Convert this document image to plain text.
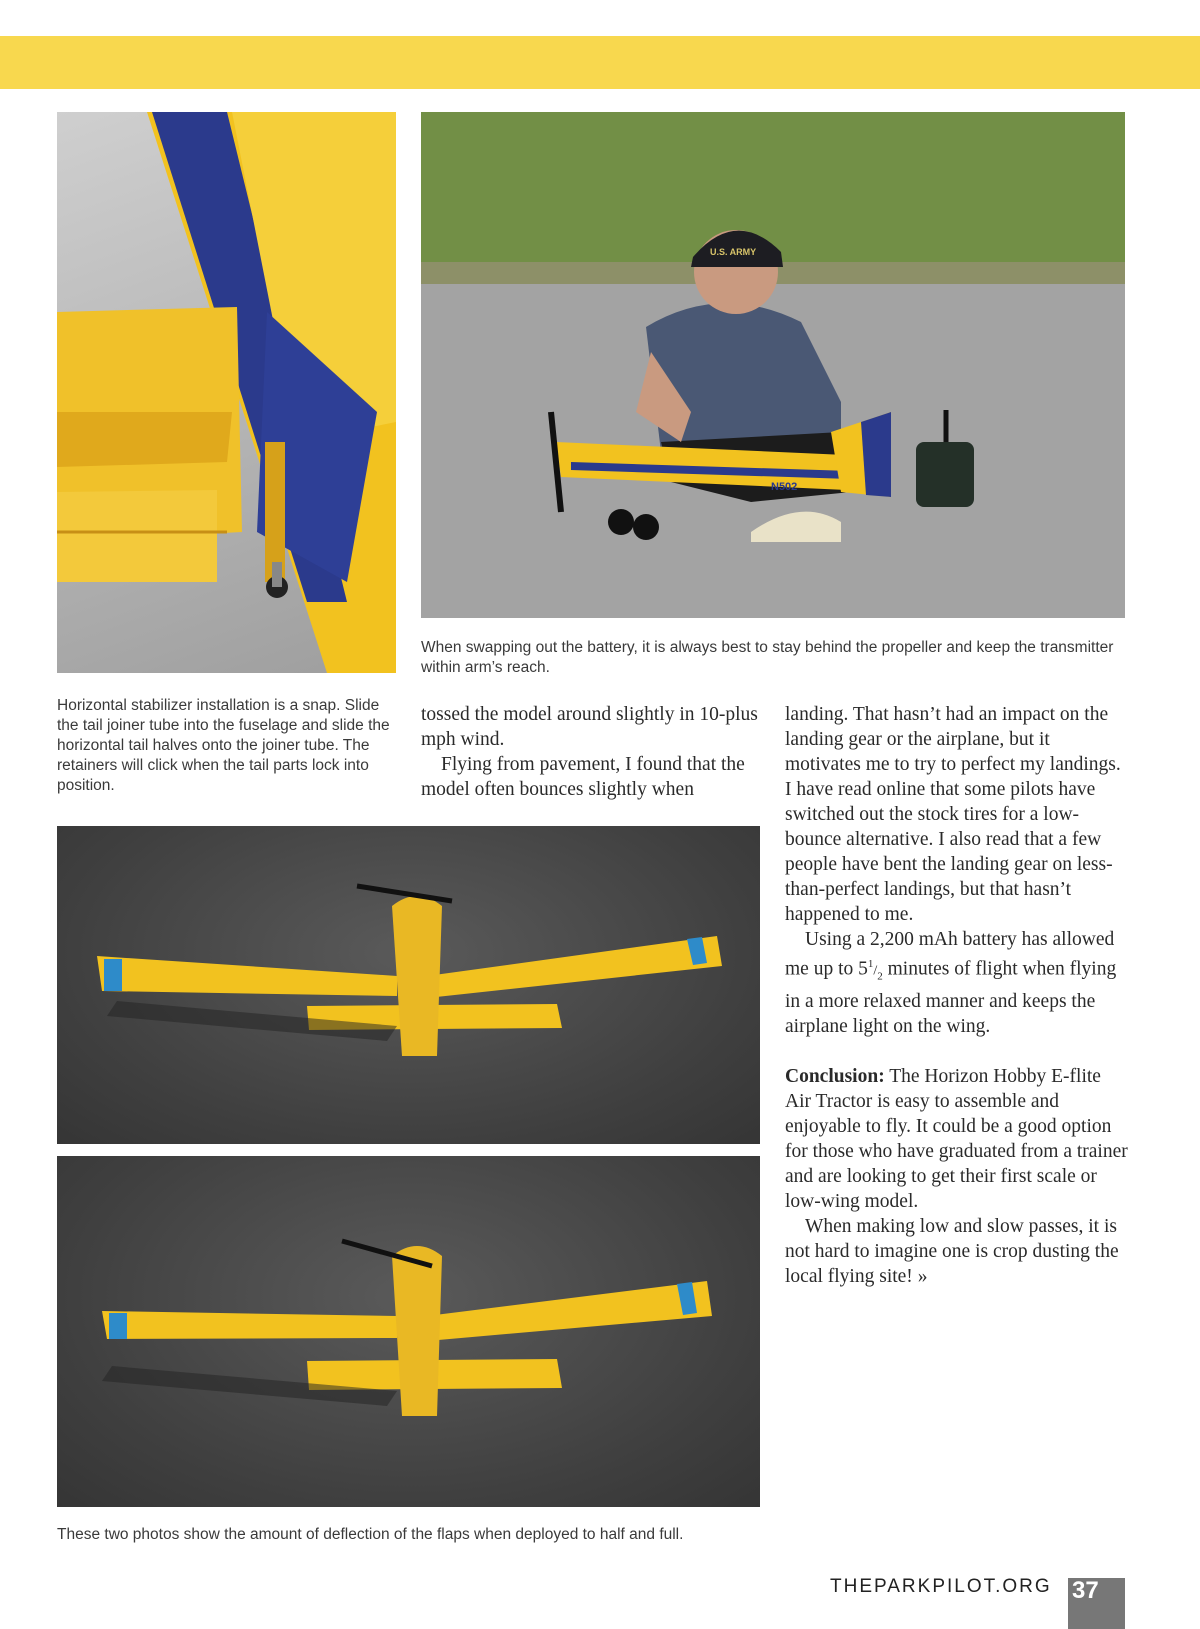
U.S. ARMY
N502

When swapping out the battery, it is always best to stay behind the propeller and keep the transmitter within arm’s reach.

Horizontal stabilizer installation is a snap. Slide the tail joiner tube into the fuselage and slide the horizontal tail halves onto the joiner tube. The retainers will click when the tail parts lock into position.

tossed the model around slightly in 10-plus mph wind.

Flying from pavement, I found that the model often bounces slightly when

landing. That hasn’t had an impact on the landing gear or the airplane, but it motivates me to try to perfect my landings. I have read online that some pilots have switched out the stock tires for a low-bounce alternative. I also read that a few people have bent the landing gear on less-than-perfect landings, but that hasn’t happened to me.

Using a 2,200 mAh battery has allowed me up to $5^1/_2$ minutes of flight when flying in a more relaxed manner and keeps the airplane light on the wing.

Conclusion: The Horizon Hobby E-flite Air Tractor is easy to assemble and enjoyable to fly. It could be a good option for those who have graduated from a trainer and are looking to get their first scale or low-wing model.

When making low and slow passes, it is not hard to imagine one is crop dusting the local flying site! »

These two photos show the amount of deflection of the flaps when deployed to half and full.

THEPARKPILOT.ORG 37
